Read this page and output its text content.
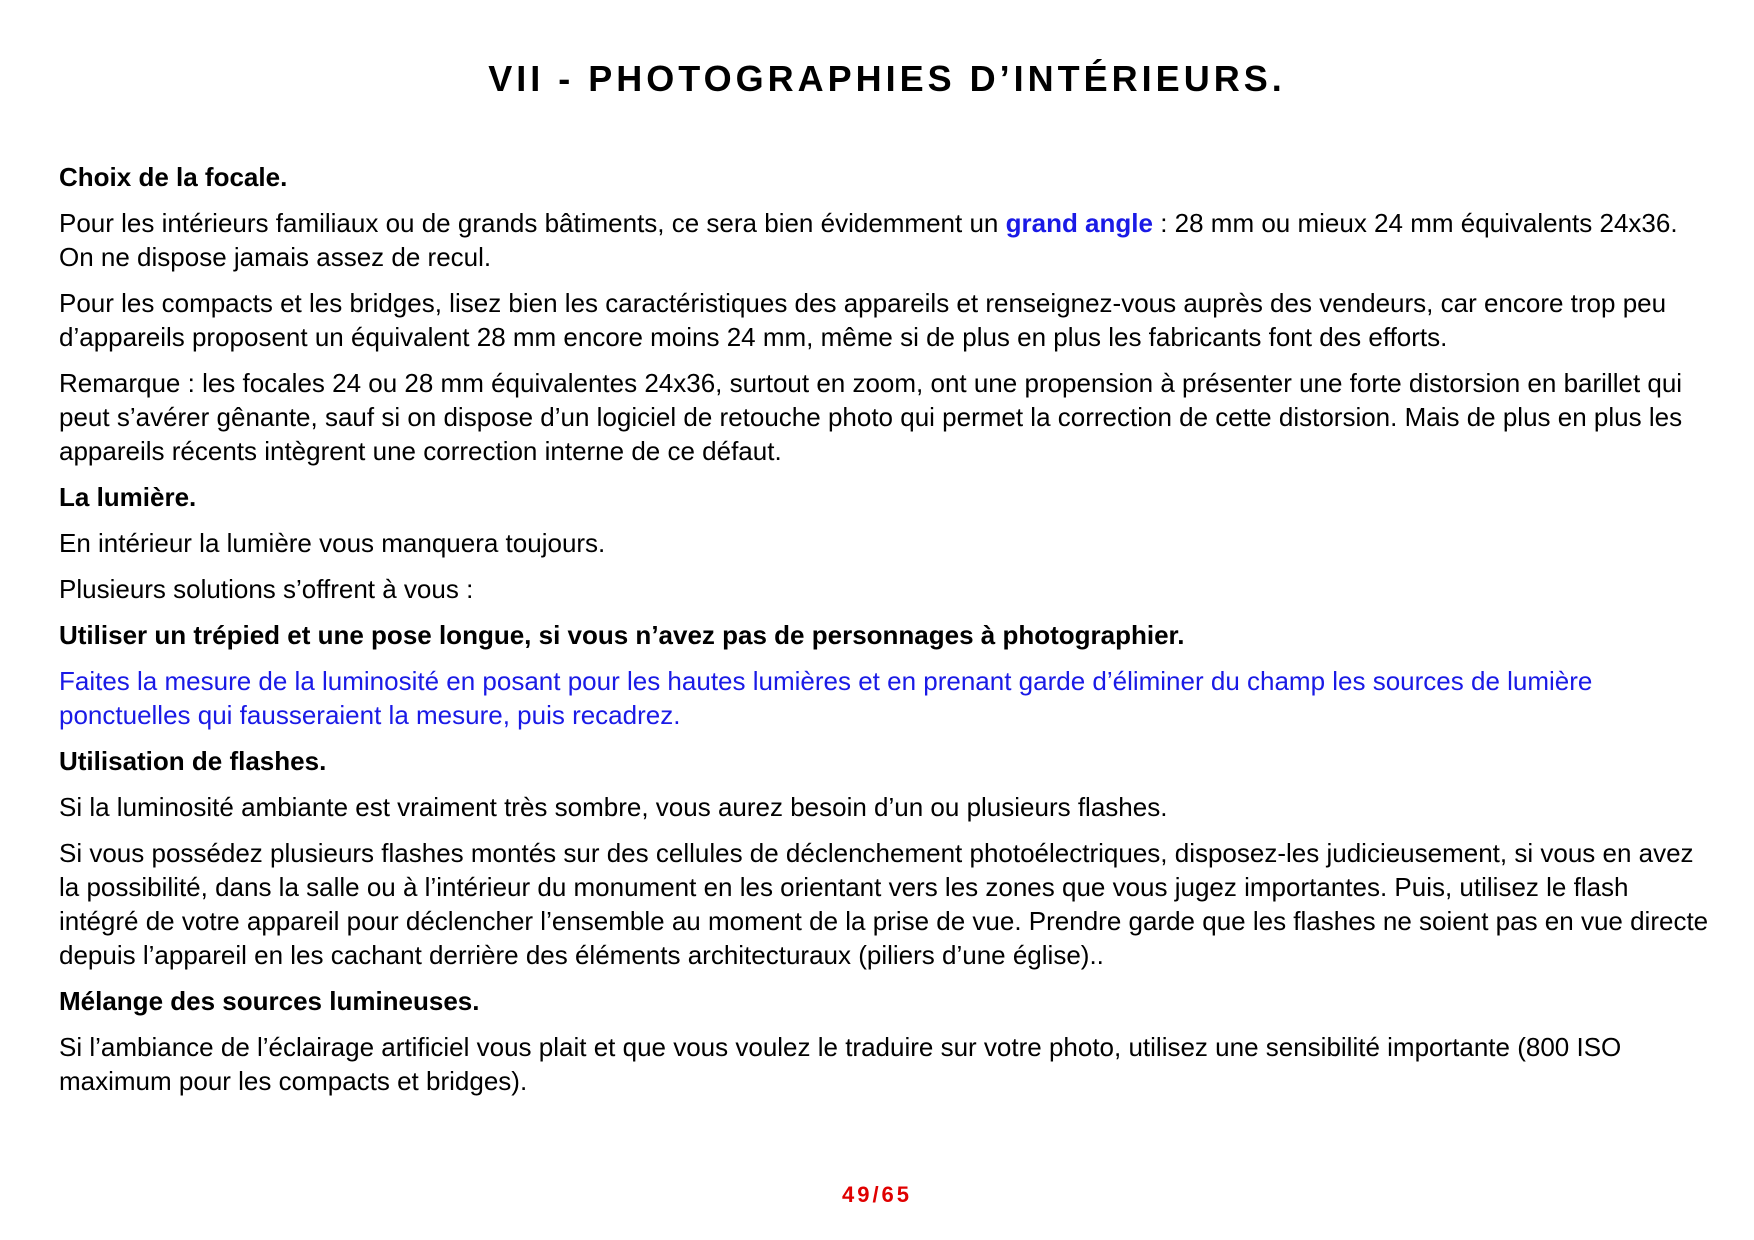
VII - PHOTOGRAPHIES D’INTÉRIEURS.

Choix de la focale.

Pour les intérieurs familiaux ou de grands bâtiments, ce sera bien évidemment un grand angle : 28 mm ou mieux 24 mm équivalents 24x36. On ne dispose jamais assez de recul.

Pour les compacts et les bridges, lisez bien les caractéristiques des appareils et renseignez-vous auprès des vendeurs, car encore trop peu d’appareils proposent un équivalent 28 mm encore moins 24 mm, même si de plus en plus les fabricants font des efforts.

Remarque : les focales 24 ou 28 mm équivalentes 24x36, surtout en zoom, ont une propension à présenter une forte distorsion en barillet qui peut s’avérer gênante, sauf si on dispose d’un logiciel de retouche photo qui permet la correction de cette distorsion. Mais de plus en plus les appareils récents intègrent une correction interne de ce défaut.

La lumière.

En intérieur la lumière vous manquera toujours.

Plusieurs solutions s’offrent à vous :

Utiliser un trépied et une pose longue, si vous n’avez pas de personnages à photographier.

Faites la mesure de la luminosité en posant pour les hautes lumières et en prenant garde d’éliminer du champ les sources de lumière ponctuelles qui fausseraient la mesure, puis recadrez.

Utilisation de flashes.

Si la luminosité ambiante est vraiment très sombre, vous aurez besoin d’un ou plusieurs flashes.

Si vous possédez plusieurs flashes montés sur des cellules de déclenchement photoélectriques, disposez-les judicieusement, si vous en avez la possibilité, dans la salle ou à l’intérieur du monument en les orientant vers les zones que vous jugez importantes. Puis, utilisez le flash intégré de votre appareil pour déclencher l’ensemble au moment de la prise de vue. Prendre garde que les flashes ne soient pas en vue directe depuis l’appareil en les cachant derrière des éléments architecturaux (piliers d’une église)..

Mélange des sources lumineuses.

Si l’ambiance de l’éclairage artificiel vous plait et que vous voulez le traduire sur votre photo, utilisez une sensibilité importante (800 ISO maximum pour les compacts et bridges).

49/65
